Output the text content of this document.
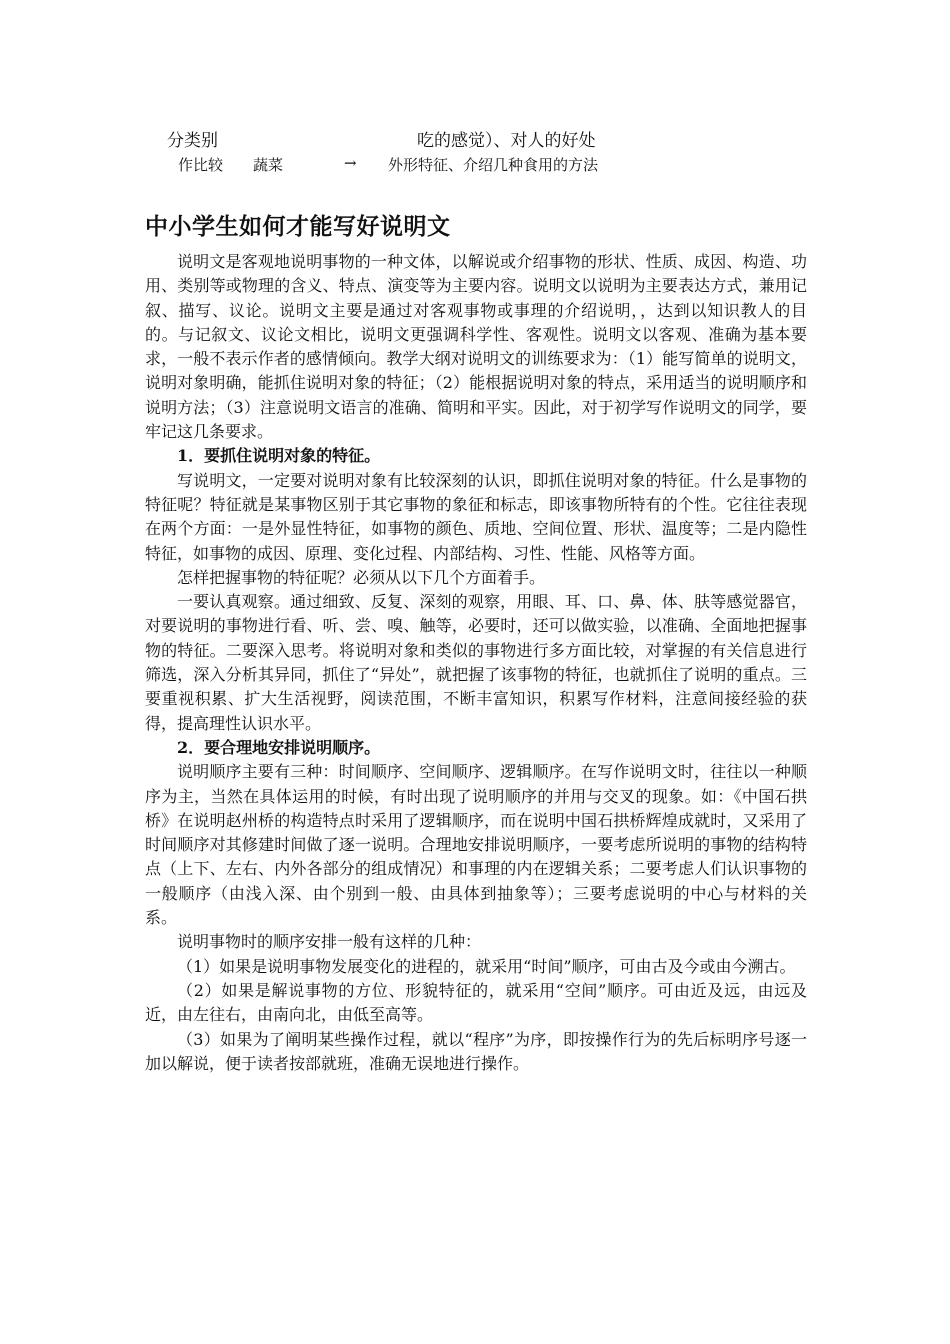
分类别	吃的感觉）、对人的好处
作比较 蔬菜	→ 外形特征、介绍几种食用的方法
中小学生如何才能写好说明文

说明文是客观地说明事物的一种文体，以解说或介绍事物的形状、性质、成因、构造、功用、类别等或物理的含义、特点、演变等为主要内容。说明文以说明为主要表达方式，兼用记叙、描写、议论。说明文主要是通过对客观事物或事理的介绍说明，，达到以知识教人的目的。与记叙文、议论文相比，说明文更强调科学性、客观性。说明文以客观、准确为基本要求，一般不表示作者的感情倾向。教学大纲对说明文的训练要求为：（1）能写简单的说明文，说明对象明确，能抓住说明对象的特征；（2）能根据说明对象的特点，采用适当的说明顺序和说明方法；（3）注意说明文语言的准确、简明和平实。因此，对于初学写作说明文的同学，要牢记这几条要求。

1．要抓住说明对象的特征。

写说明文，一定要对说明对象有比较深刻的认识，即抓住说明对象的特征。什么是事物的特征呢？特征就是某事物区别于其它事物的象征和标志，即该事物所特有的个性。它往往表现在两个方面：一是外显性特征，如事物的颜色、质地、空间位置、形状、温度等；二是内隐性特征，如事物的成因、原理、变化过程、内部结构、习性、性能、风格等方面。

怎样把握事物的特征呢？必须从以下几个方面着手。

一要认真观察。通过细致、反复、深刻的观察，用眼、耳、口、鼻、体、肤等感觉器官，对要说明的事物进行看、听、尝、嗅、触等，必要时，还可以做实验，以准确、全面地把握事物的特征。二要深入思考。将说明对象和类似的事物进行多方面比较，对掌握的有关信息进行筛选，深入分析其异同，抓住了“异处”，就把握了该事物的特征，也就抓住了说明的重点。三要重视积累、扩大生活视野，阅读范围，不断丰富知识，积累写作材料，注意间接经验的获得，提高理性认识水平。

2．要合理地安排说明顺序。

说明顺序主要有三种：时间顺序、空间顺序、逻辑顺序。在写作说明文时，往往以一种顺序为主，当然在具体运用的时候，有时出现了说明顺序的并用与交叉的现象。如：《中国石拱桥》在说明赵州桥的构造特点时采用了逻辑顺序，而在说明中国石拱桥辉煌成就时，又采用了时间顺序对其修建时间做了逐一说明。合理地安排说明顺序，一要考虑所说明的事物的结构特点（上下、左右、内外各部分的组成情况）和事理的内在逻辑关系；二要考虑人们认识事物的一般顺序（由浅入深、由个别到一般、由具体到抽象等）；三要考虑说明的中心与材料的关系。

说明事物时的顺序安排一般有这样的几种：

（1）如果是说明事物发展变化的进程的，就采用“时间”顺序，可由古及今或由今溯古。

（2）如果是解说事物的方位、形貌特征的，就采用“空间”顺序。可由近及远，由远及近，由左往右，由南向北，由低至高等。

（3）如果为了阐明某些操作过程，就以“程序”为序，即按操作行为的先后标明序号逐一加以解说，便于读者按部就班，准确无误地进行操作。
